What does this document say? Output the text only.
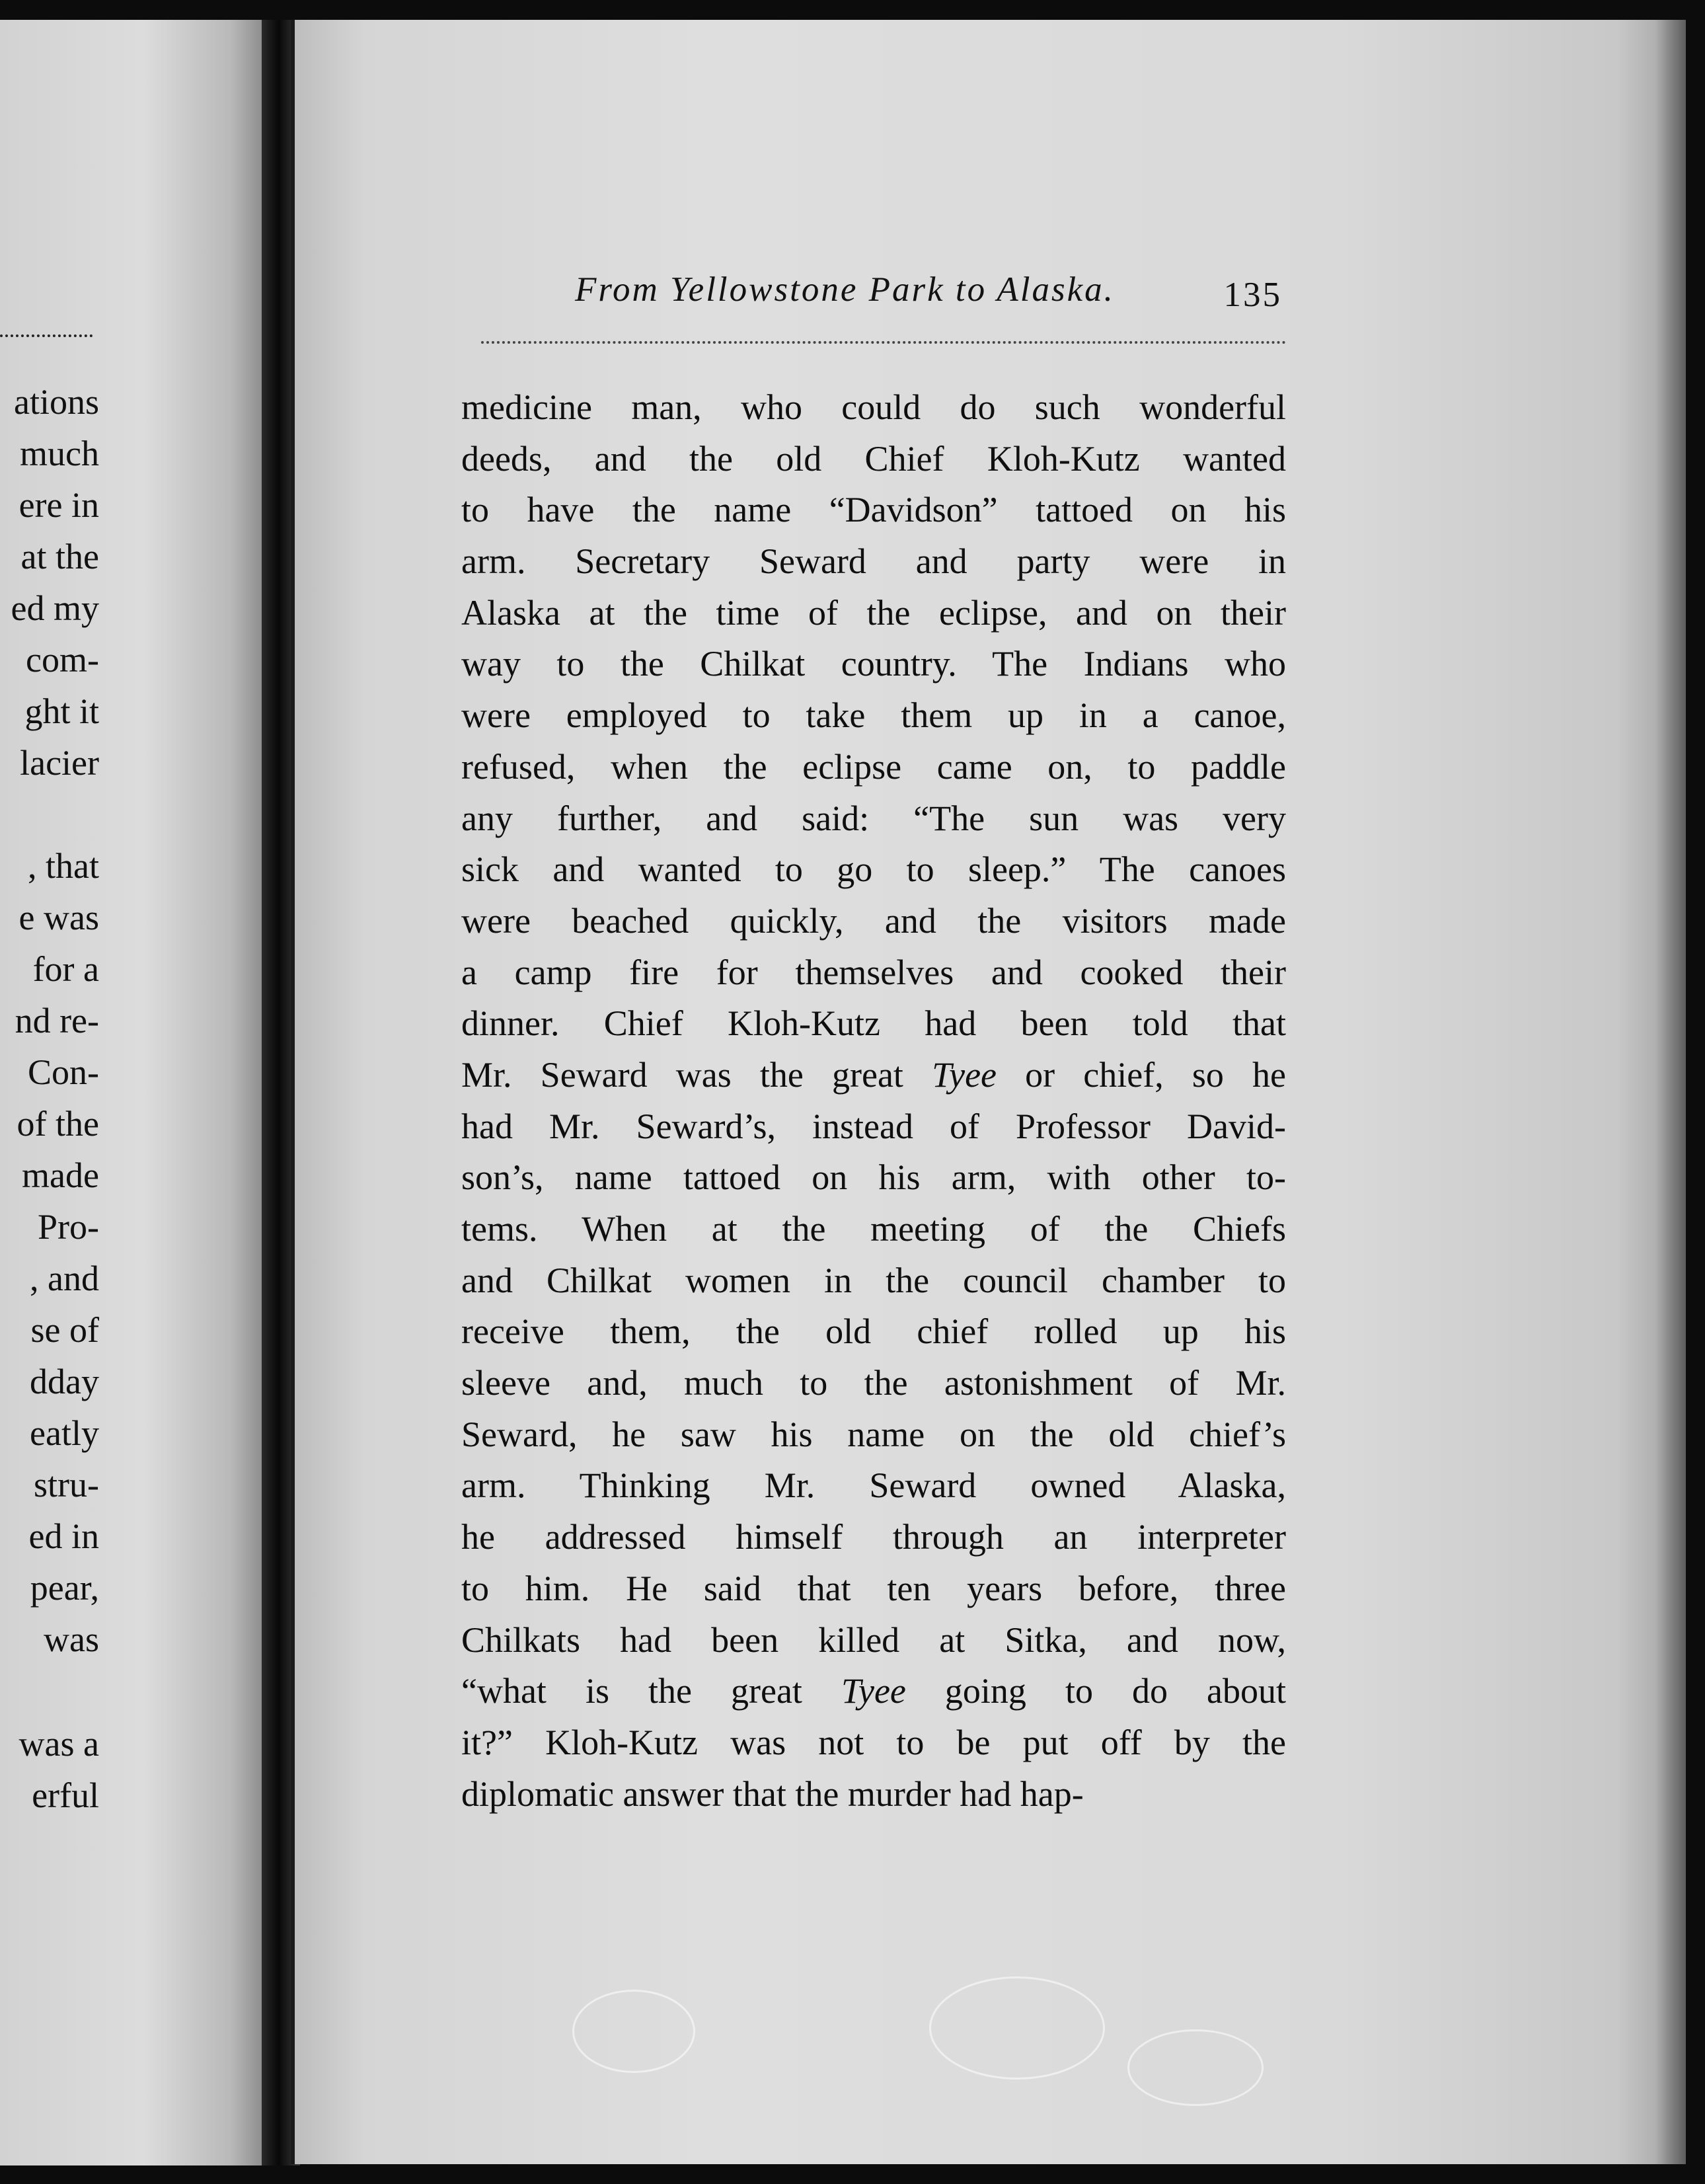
ations
much
ere in
at the
ed my
com-
ght it
lacier
, that
e was
for a
nd re-
Con-
of the
made
Pro-
, and
se of
dday
eatly
stru-
ed in
pear,
was
was a
erful
From Yellowstone Park to Alaska.	135
medicine man, who could do such wonderful
deeds, and the old Chief Kloh-Kutz wanted
to have the name “Davidson” tattoed on his
arm. Secretary Seward and party were in
Alaska at the time of the eclipse, and on their
way to the Chilkat country. The Indians who
were employed to take them up in a canoe,
refused, when the eclipse came on, to paddle
any further, and said: “The sun was very
sick and wanted to go to sleep.” The canoes
were beached quickly, and the visitors made
a camp fire for themselves and cooked their
dinner. Chief Kloh-Kutz had been told that
Mr. Seward was the great Tyee or chief, so he
had Mr. Seward’s, instead of Professor David-
son’s, name tattoed on his arm, with other to-
tems. When at the meeting of the Chiefs
and Chilkat women in the council chamber to
receive them, the old chief rolled up his
sleeve and, much to the astonishment of Mr.
Seward, he saw his name on the old chief’s
arm. Thinking Mr. Seward owned Alaska,
he addressed himself through an interpreter
to him. He said that ten years before, three
Chilkats had been killed at Sitka, and now,
“what is the great Tyee going to do about
it?” Kloh-Kutz was not to be put off by the
diplomatic answer that the murder had hap-
